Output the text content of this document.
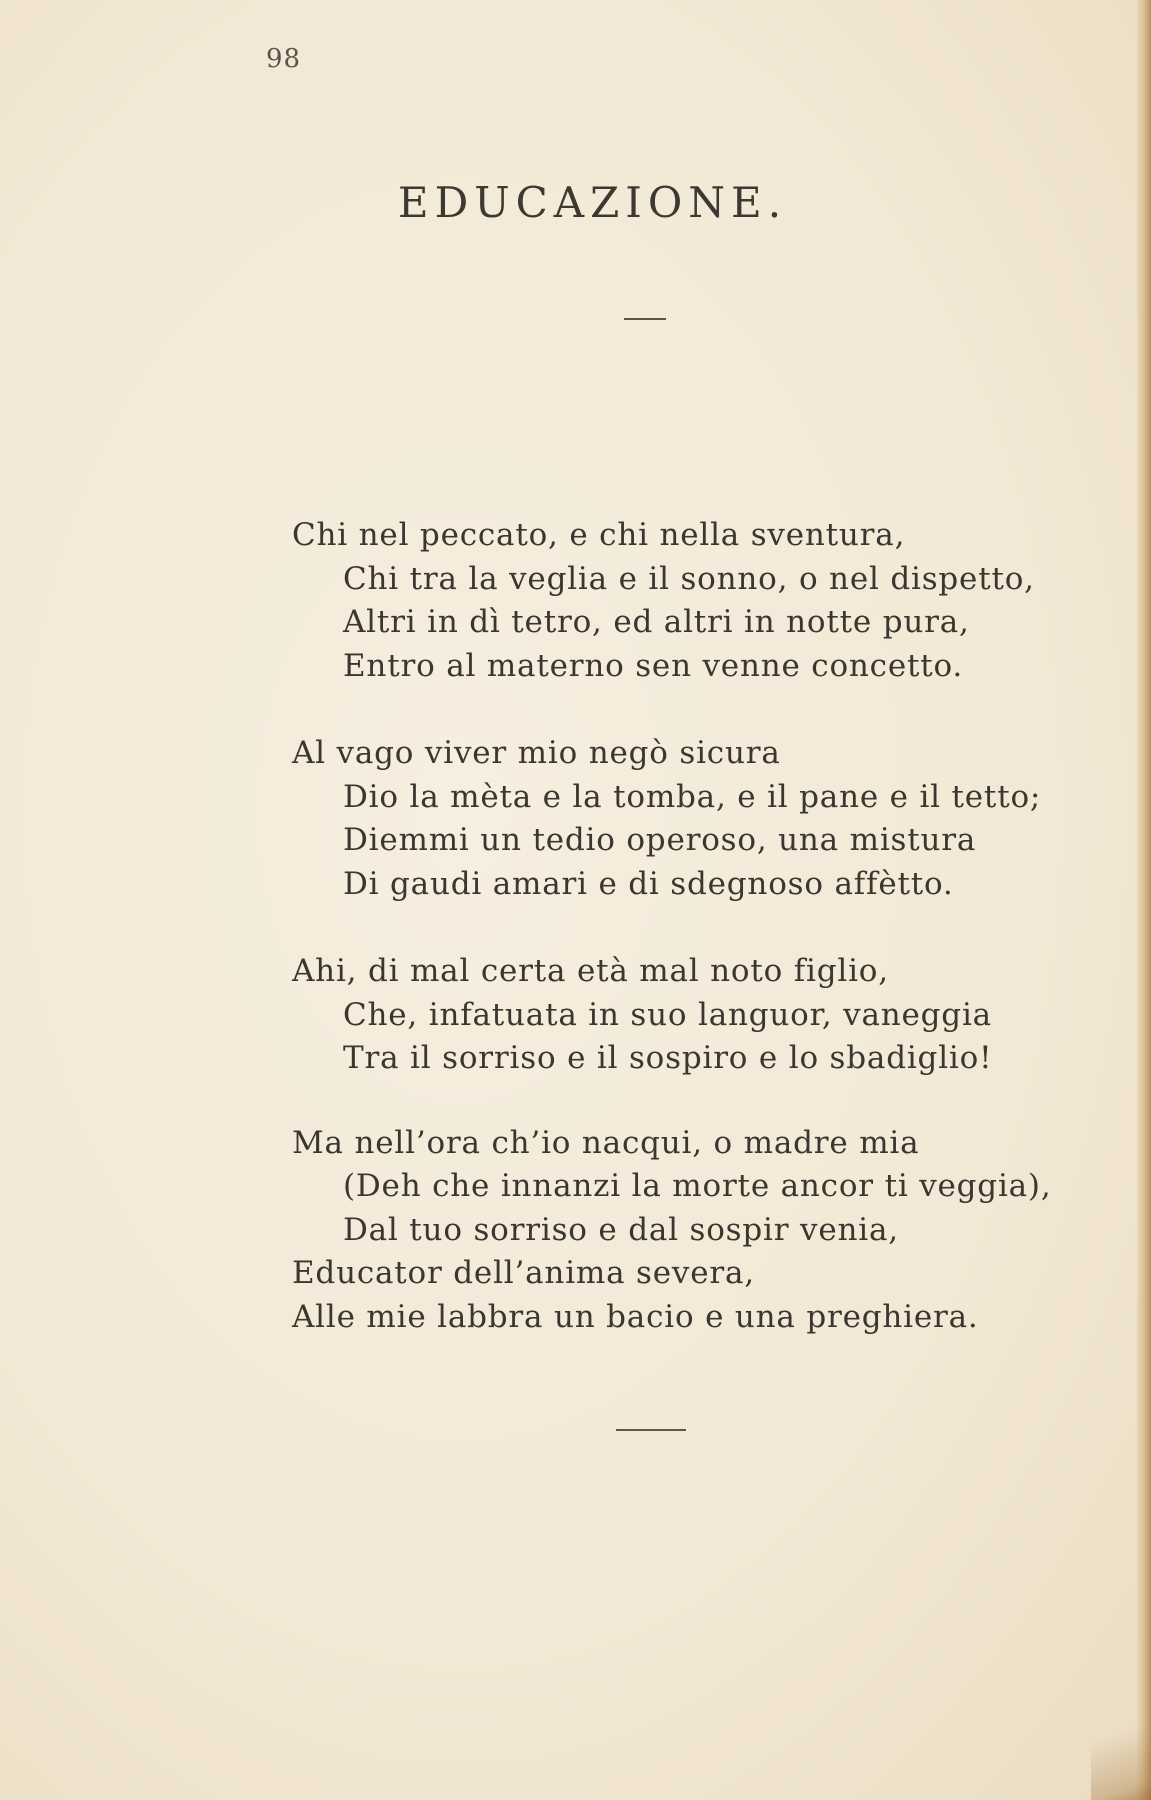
98
EDUCAZIONE.
Chi nel peccato, e chi nella sventura,
Chi tra la veglia e il sonno, o nel dispetto,
Altri in dì tetro, ed altri in notte pura,
Entro al materno sen venne concetto.
Al vago viver mio negò sicura
Dio la mèta e la tomba, e il pane e il tetto;
Diemmi un tedio operoso, una mistura
Di gaudi amari e di sdegnoso affètto.
Ahi, di mal certa età mal noto figlio,
Che, infatuata in suo languor, vaneggia
Tra il sorriso e il sospiro e lo sbadiglio!
Ma nell’ora ch’io nacqui, o madre mia
(Deh che innanzi la morte ancor ti veggia),
Dal tuo sorriso e dal sospir venia,
Educator dell’anima severa,
Alle mie labbra un bacio e una preghiera.
